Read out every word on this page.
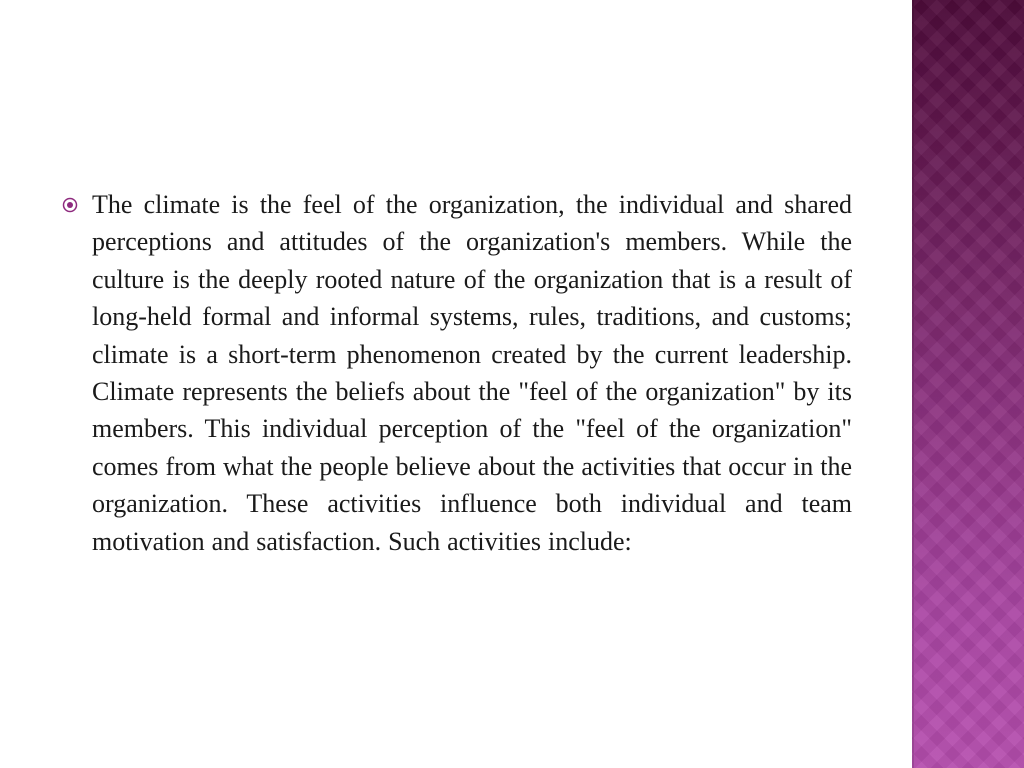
The climate is the feel of the organization, the individual and shared perceptions and attitudes of the organization's members. While the culture is the deeply rooted nature of the organization that is a result of long-held formal and informal systems, rules, traditions, and customs; climate is a short-term phenomenon created by the current leadership. Climate represents the beliefs about the "feel of the organization" by its members. This individual perception of the "feel of the organization" comes from what the people believe about the activities that occur in the organization. These activities influence both individual and team motivation and satisfaction. Such activities include:
